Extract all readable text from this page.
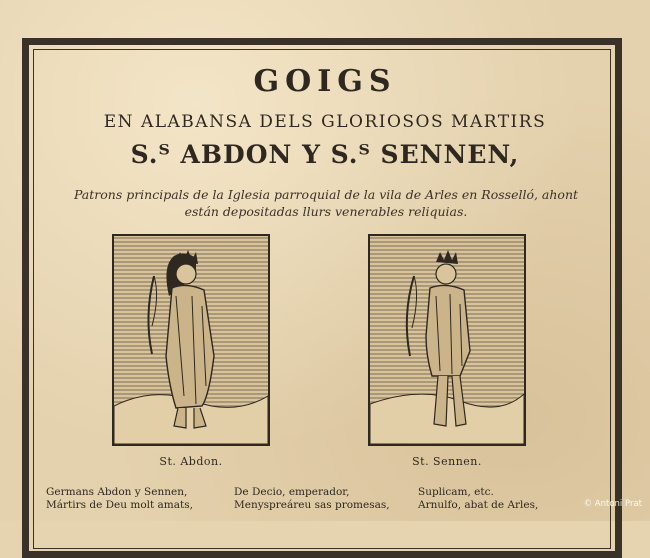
GOIGS
EN ALABANSA DELS GLORIOSOS MARTIRS
S.ᵀ ABDON Y S.ᵀ SENNEN,
Patrons principals de la Iglesia parroquial de la vila de Arles en Rosselló, ahont
están depositadas llurs venerables reliquias.
St. Abdon.	St. Sennen.
Germans Abdon y Sennen,
Mártirs de Deu molt amats,
De Decio, emperador,
Menyspreáreu sas promesas,
Suplicam, etc.
Arnulfo, abat de Arles,	© Antoni Prat
